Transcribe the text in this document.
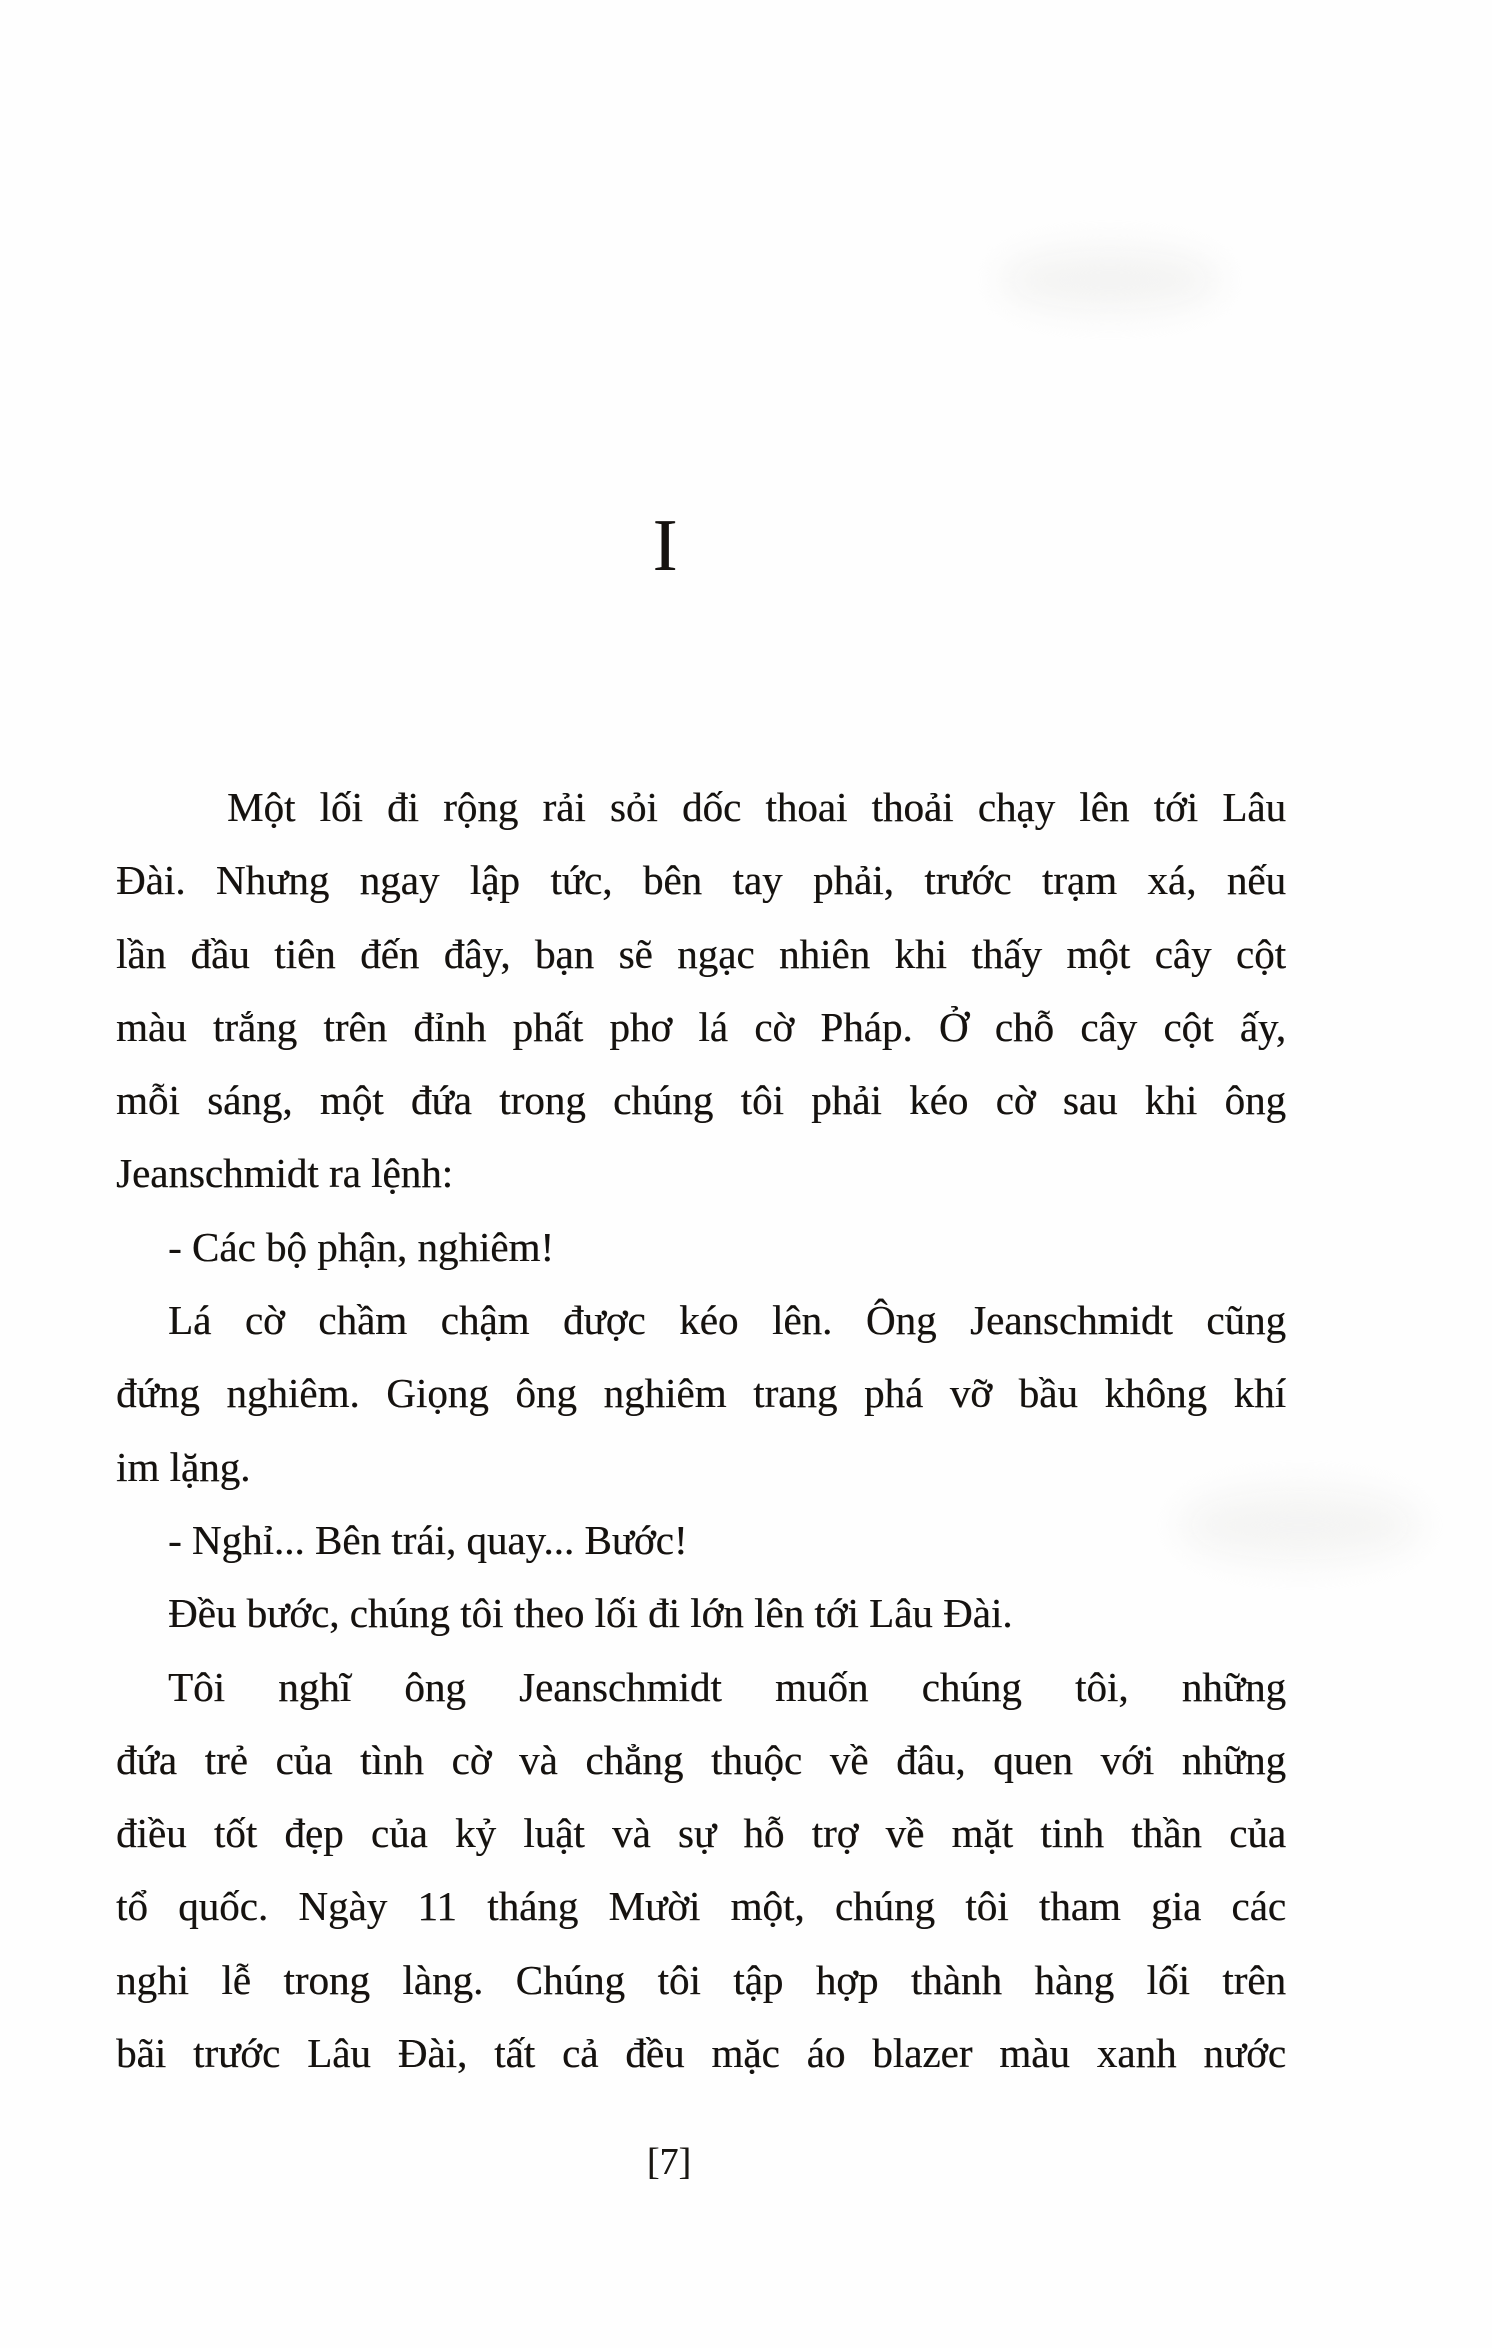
I

Một lối đi rộng rải sỏi dốc thoai thoải chạy lên tới Lâu
Đài. Nhưng ngay lập tức, bên tay phải, trước trạm xá, nếu
lần đầu tiên đến đây, bạn sẽ ngạc nhiên khi thấy một cây cột
màu trắng trên đỉnh phất phơ lá cờ Pháp. Ở chỗ cây cột ấy,
mỗi sáng, một đứa trong chúng tôi phải kéo cờ sau khi ông
Jeanschmidt ra lệnh:

- Các bộ phận, nghiêm!

Lá cờ chầm chậm được kéo lên. Ông Jeanschmidt cũng
đứng nghiêm. Giọng ông nghiêm trang phá vỡ bầu không khí
im lặng.

- Nghỉ... Bên trái, quay... Bước!

Đều bước, chúng tôi theo lối đi lớn lên tới Lâu Đài.

Tôi nghĩ ông Jeanschmidt muốn chúng tôi, những
đứa trẻ của tình cờ và chẳng thuộc về đâu, quen với những
điều tốt đẹp của kỷ luật và sự hỗ trợ về mặt tinh thần của
tổ quốc. Ngày 11 tháng Mười một, chúng tôi tham gia các
nghi lễ trong làng. Chúng tôi tập hợp thành hàng lối trên
bãi trước Lâu Đài, tất cả đều mặc áo blazer màu xanh nước

[7]
